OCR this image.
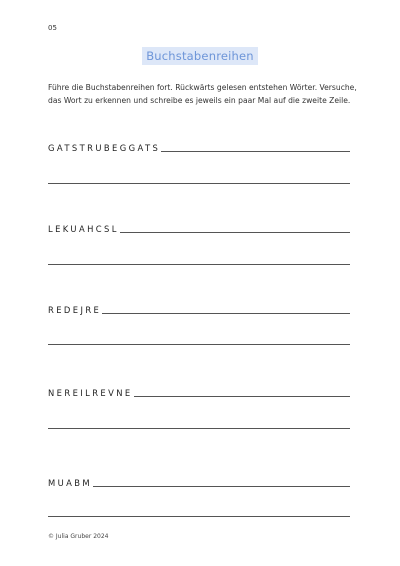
05
Buchstabenreihen
Führe die Buchstabenreihen fort. Rückwärts gelesen entstehen Wörter. Versuche, das Wort zu erkennen und schreibe es jeweils ein paar Mal auf die zweite Zeile.
GATSTRUBEGGATS
LEKUAHCSL
REDEJRE
NEREILREVNE
MUABM
© Julia Gruber 2024
